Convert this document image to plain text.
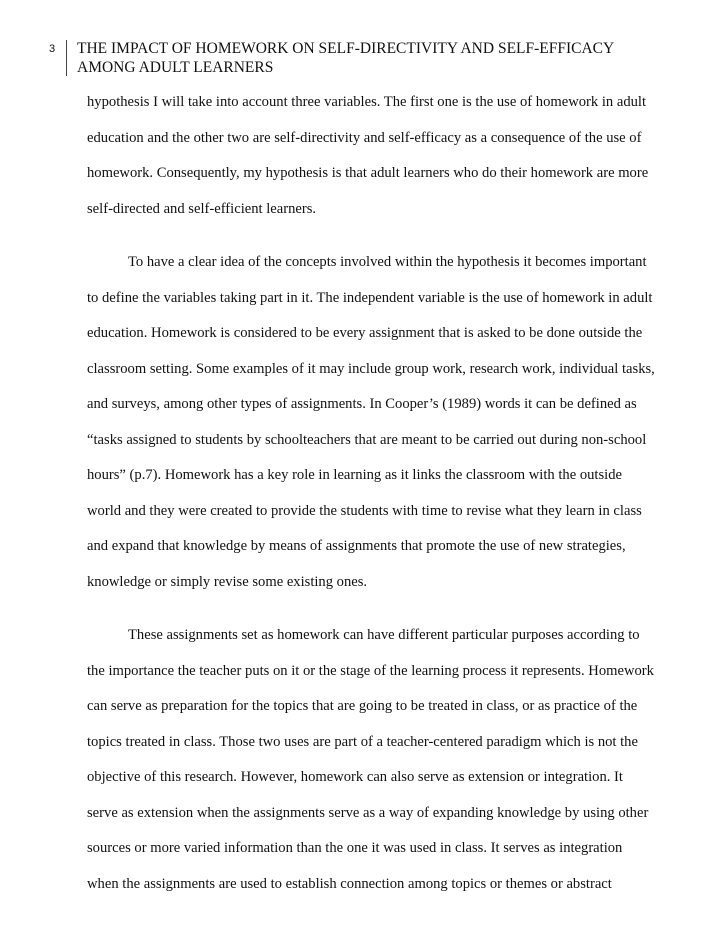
3 THE IMPACT OF HOMEWORK ON SELF-DIRECTIVITY AND SELF-EFFICACY
AMONG ADULT LEARNERS
hypothesis I will take into account three variables. The first one is the use of homework in adult
education and the other two are self-directivity and self-efficacy as a consequence of the use of
homework. Consequently, my hypothesis is that adult learners who do their homework are more
self-directed and self-efficient learners.
To have a clear idea of the concepts involved within the hypothesis it becomes important
to define the variables taking part in it. The independent variable is the use of homework in adult
education. Homework is considered to be every assignment that is asked to be done outside the
classroom setting. Some examples of it may include group work, research work, individual tasks,
and surveys, among other types of assignments. In Cooper’s (1989) words it can be defined as
“tasks assigned to students by schoolteachers that are meant to be carried out during non-school
hours” (p.7). Homework has a key role in learning as it links the classroom with the outside
world and they were created to provide the students with time to revise what they learn in class
and expand that knowledge by means of assignments that promote the use of new strategies,
knowledge or simply revise some existing ones.
These assignments set as homework can have different particular purposes according to
the importance the teacher puts on it or the stage of the learning process it represents. Homework
can serve as preparation for the topics that are going to be treated in class, or as practice of the
topics treated in class. Those two uses are part of a teacher-centered paradigm which is not the
objective of this research. However, homework can also serve as extension or integration. It
serve as extension when the assignments serve as a way of expanding knowledge by using other
sources or more varied information than the one it was used in class. It serves as integration
when the assignments are used to establish connection among topics or themes or abstract
